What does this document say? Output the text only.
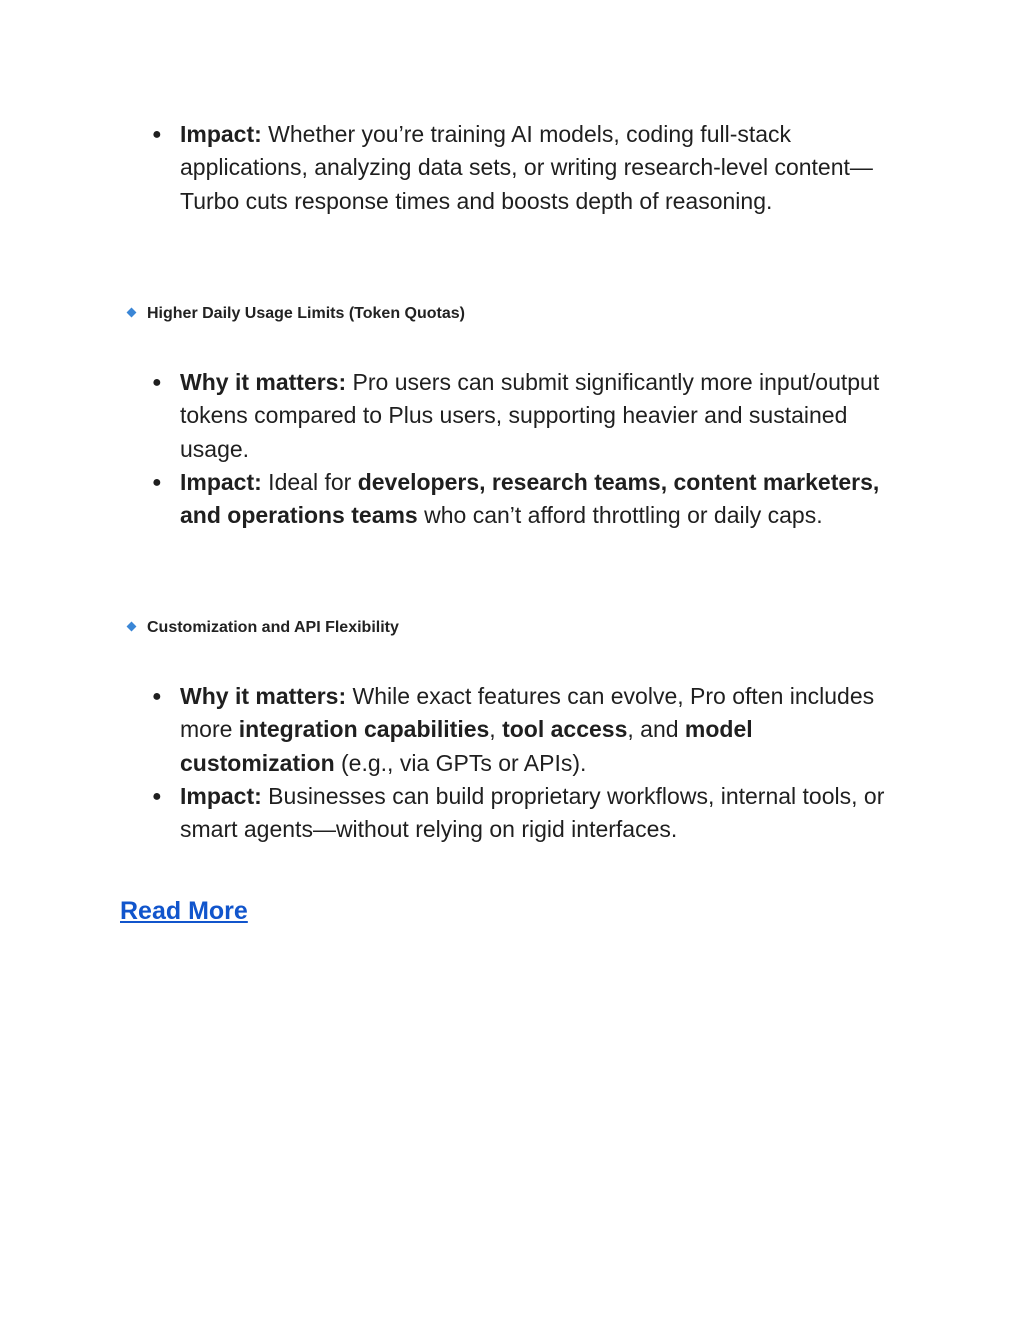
● Impact: Whether you’re training AI models, coding full-stack applications, analyzing data sets, or writing research-level content—Turbo cuts response times and boosts depth of reasoning.
Higher Daily Usage Limits (Token Quotas)
● Why it matters: Pro users can submit significantly more input/output tokens compared to Plus users, supporting heavier and sustained usage.
● Impact: Ideal for developers, research teams, content marketers, and operations teams who can’t afford throttling or daily caps.
Customization and API Flexibility
● Why it matters: While exact features can evolve, Pro often includes more integration capabilities, tool access, and model customization (e.g., via GPTs or APIs).
● Impact: Businesses can build proprietary workflows, internal tools, or smart agents—without relying on rigid interfaces.
Read More
